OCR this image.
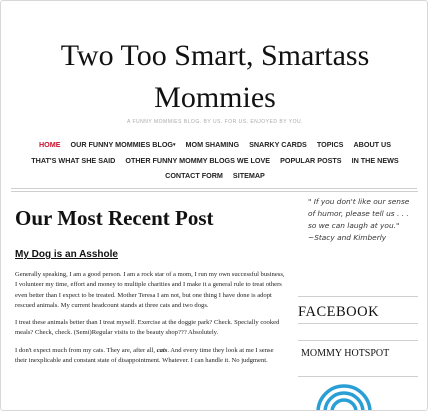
Two Too Smart, Smartass
Mommies
A FUNNY MOMMIES BLOG. BY US. FOR US. ENJOYED BY YOU.
HOME OUR FUNNY MOMMIES BLOG▾ MOM SHAMING SNARKY CARDS TOPICS ABOUT US
THAT'S WHAT SHE SAID OTHER FUNNY MOMMY BLOGS WE LOVE POPULAR POSTS IN THE NEWS
CONTACT FORM SITEMAP
Our Most Recent Post
My Dog is an Asshole

Generally speaking, I am a good person. I am a rock star of a mom, I run my own successful business, I volunteer my time, effort and money to multiple charities and I make it a general rule to treat others even better than I expect to be treated. Mother Teresa I am not, but one thing I have done is adopt rescued animals. My current headcount stands at three cats and two dogs.

I treat these animals better than I treat myself. Exercise at the doggie park? Check. Specially cooked meals? Check, check. (Semi)Regular visits to the beauty shop??? Absolutely.

I don't expect much from my cats. They are, after all, cats. And every time they look at me I sense their inexplicable and constant state of disappointment. Whatever. I can handle it. No judgment.

" If you don't like our sense of humor, please tell us . . . so we can laugh at you." ~Stacy and Kimberly
FACEBOOK
MOMMY HOTSPOT
